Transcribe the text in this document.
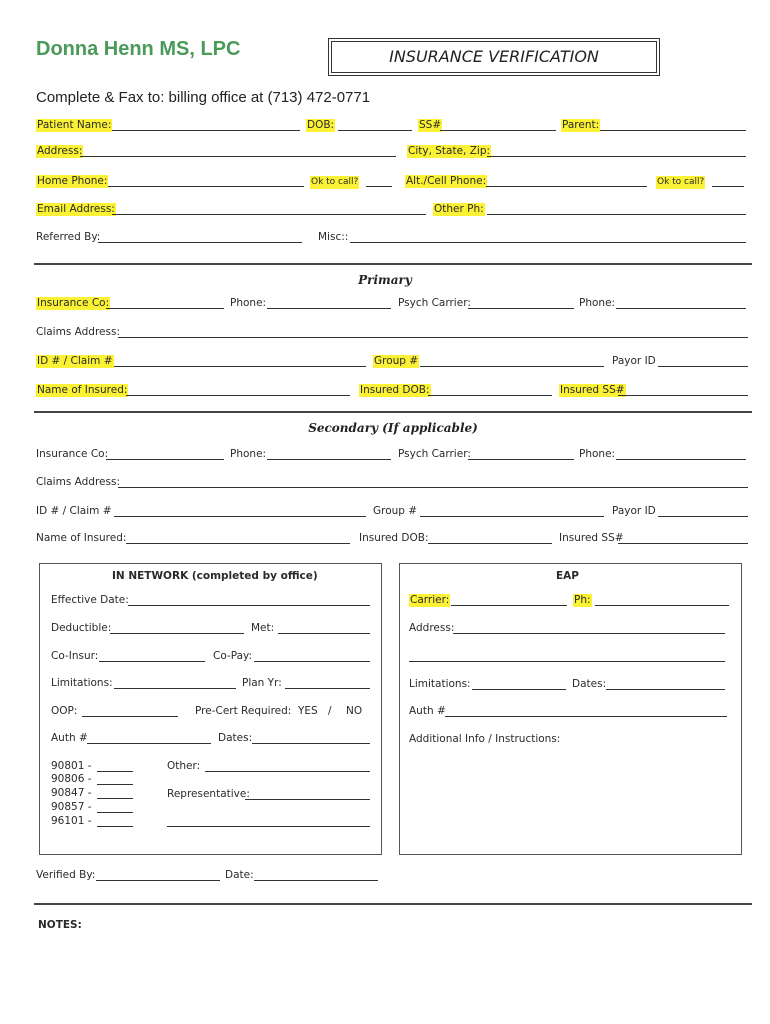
Donna Henn MS, LPC	INSURANCE VERIFICATION
Complete & Fax to: billing office at (713) 472-0771
Patient Name:	DOB:	SS#	Parent:
Address:	City, State, Zip:
Home Phone:	Ok to call?	Alt./Cell Phone:	Ok to call?
Email Address:	Other Ph:
Referred By:	Misc::
Primary
Insurance Co:	Phone:	Psych Carrier:	Phone:
Claims Address:
ID # / Claim #	Group #	Payor ID
Name of Insured:	Insured DOB:	Insured SS#
Secondary (If applicable)
Insurance Co:	Phone:	Psych Carrier:	Phone:
Claims Address:
ID # / Claim #	Group #	Payor ID
Name of Insured:	Insured DOB:	Insured SS#
IN NETWORK (completed by office)
Effective Date:
Deductible:	Met:
Co-Insur:	Co-Pay:
Limitations:	Plan Yr:
OOP:	Pre-Cert Required: YES / NO
Auth #	Dates:
90801 -
90806 -
90847 -
90857 -
96101 -
Other:
Representative:
EAP
Carrier:	Ph:
Address:
Limitations:	Dates:
Auth #
Additional Info / Instructions:
Verified By:	Date:
NOTES:
